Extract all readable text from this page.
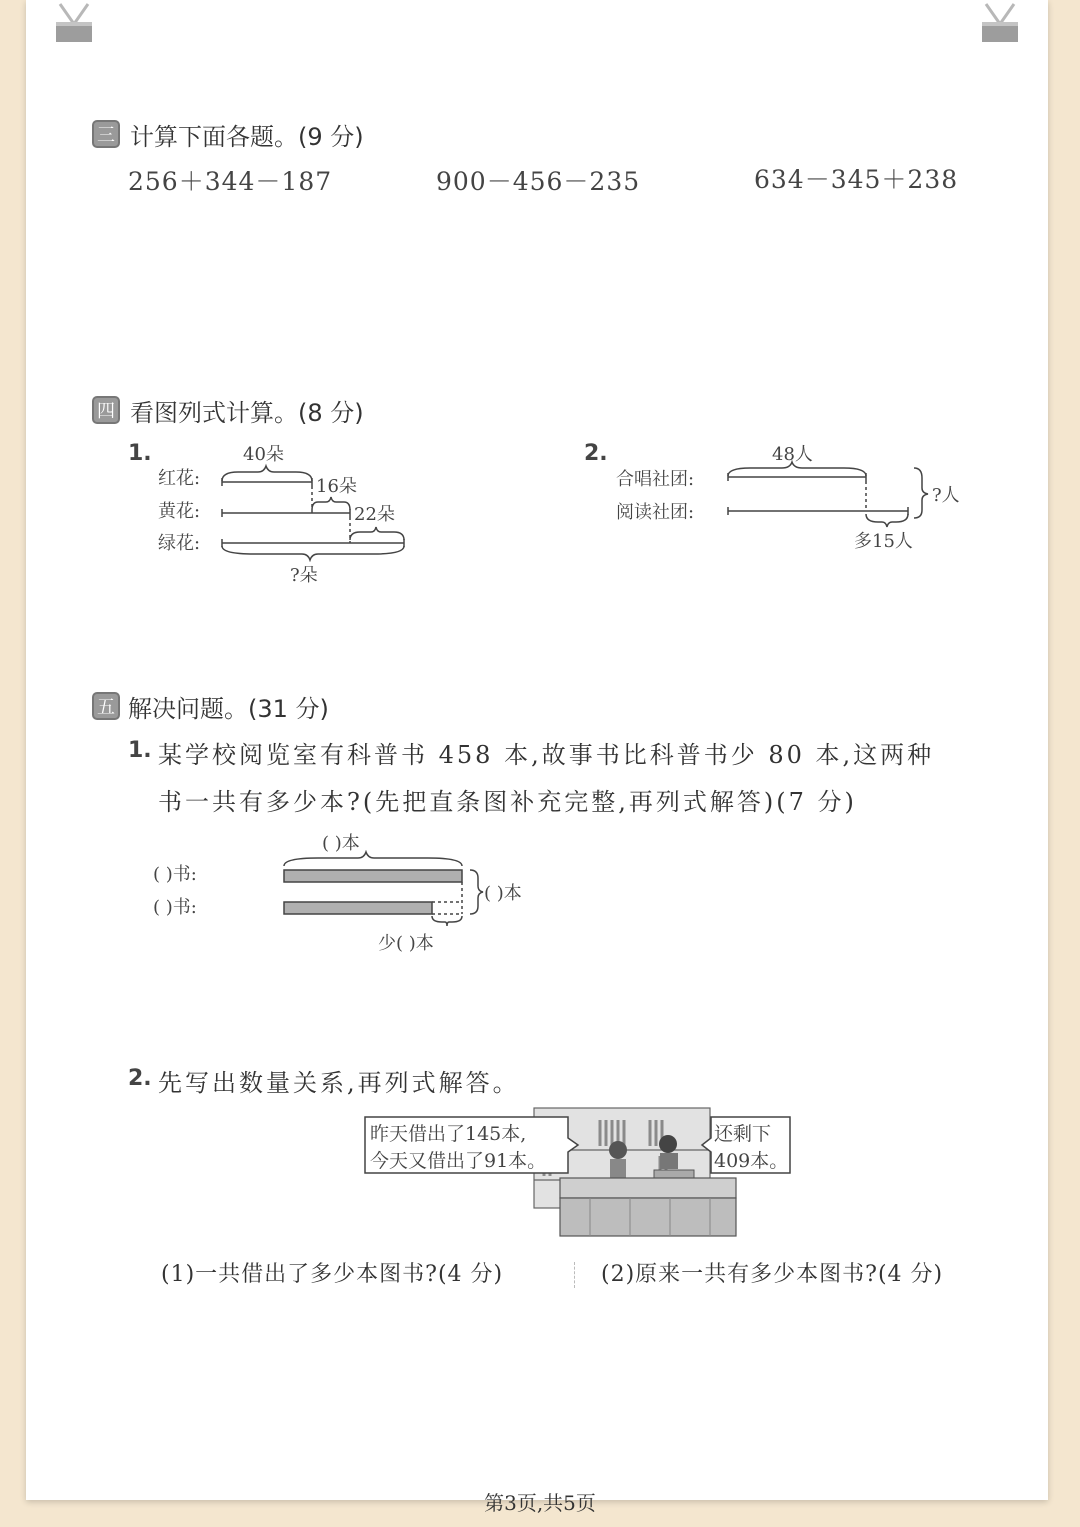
三 计算下面各题。(9 分)
256＋344－187	900－456－235	634－345＋238
四 看图列式计算。(8 分)
1.
红花:
黄花:
绿花:
40朵
16朵
22朵
?朵
2.
合唱社团:
阅读社团:
48人
?人
多15人
五 解决问题。(31 分)
1. 某学校阅览室有科普书 458 本,故事书比科普书少 80 本,这两种
书一共有多少本?(先把直条图补充完整,再列式解答)(7 分)
( )本
( )书:
( )书:
( )本
少( )本
2. 先写出数量关系,再列式解答。
昨天借出了145本,
今天又借出了91本。
还剩下
409本。
(1)一共借出了多少本图书?(4 分)	(2)原来一共有多少本图书?(4 分)
第3页,共5页
